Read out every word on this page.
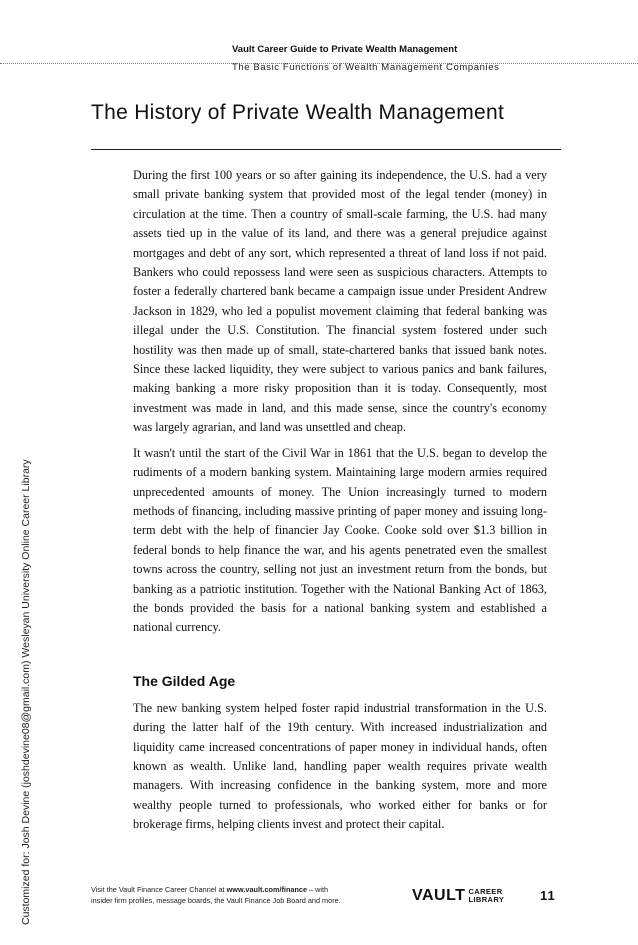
Vault Career Guide to Private Wealth Management
The Basic Functions of Wealth Management Companies
The History of Private Wealth Management

During the first 100 years or so after gaining its independence, the U.S. had a very small private banking system that provided most of the legal tender (money) in circulation at the time. Then a country of small-scale farming, the U.S. had many assets tied up in the value of its land, and there was a general prejudice against mortgages and debt of any sort, which represented a threat of land loss if not paid. Bankers who could repossess land were seen as suspicious characters. Attempts to foster a federally chartered bank became a campaign issue under President Andrew Jackson in 1829, who led a populist movement claiming that federal banking was illegal under the U.S. Constitution. The financial system fostered under such hostility was then made up of small, state-chartered banks that issued bank notes. Since these lacked liquidity, they were subject to various panics and bank failures, making banking a more risky proposition than it is today. Consequently, most investment was made in land, and this made sense, since the country's economy was largely agrarian, and land was unsettled and cheap.

It wasn't until the start of the Civil War in 1861 that the U.S. began to develop the rudiments of a modern banking system. Maintaining large modern armies required unprecedented amounts of money. The Union increasingly turned to modern methods of financing, including massive printing of paper money and issuing long-term debt with the help of financier Jay Cooke. Cooke sold over $1.3 billion in federal bonds to help finance the war, and his agents penetrated even the smallest towns across the country, selling not just an investment return from the bonds, but banking as a patriotic institution. Together with the National Banking Act of 1863, the bonds provided the basis for a national banking system and established a national currency.

The Gilded Age

The new banking system helped foster rapid industrial transformation in the U.S. during the latter half of the 19th century. With increased industrialization and liquidity came increased concentrations of paper money in individual hands, often known as wealth. Unlike land, handling paper wealth requires private wealth managers. With increasing confidence in the banking system, more and more wealthy people turned to professionals, who worked either for banks or for brokerage firms, helping clients invest and protect their capital.

Customized for: Josh Devine (joshdevine08@gmail.com) Wesleyan University Online Career Library	Visit the Vault Finance Career Channel at www.vault.com/finance – with
insider firm profiles, message boards, the Vault Finance Job Board and more.	VAULT CAREER
LIBRARY	11
